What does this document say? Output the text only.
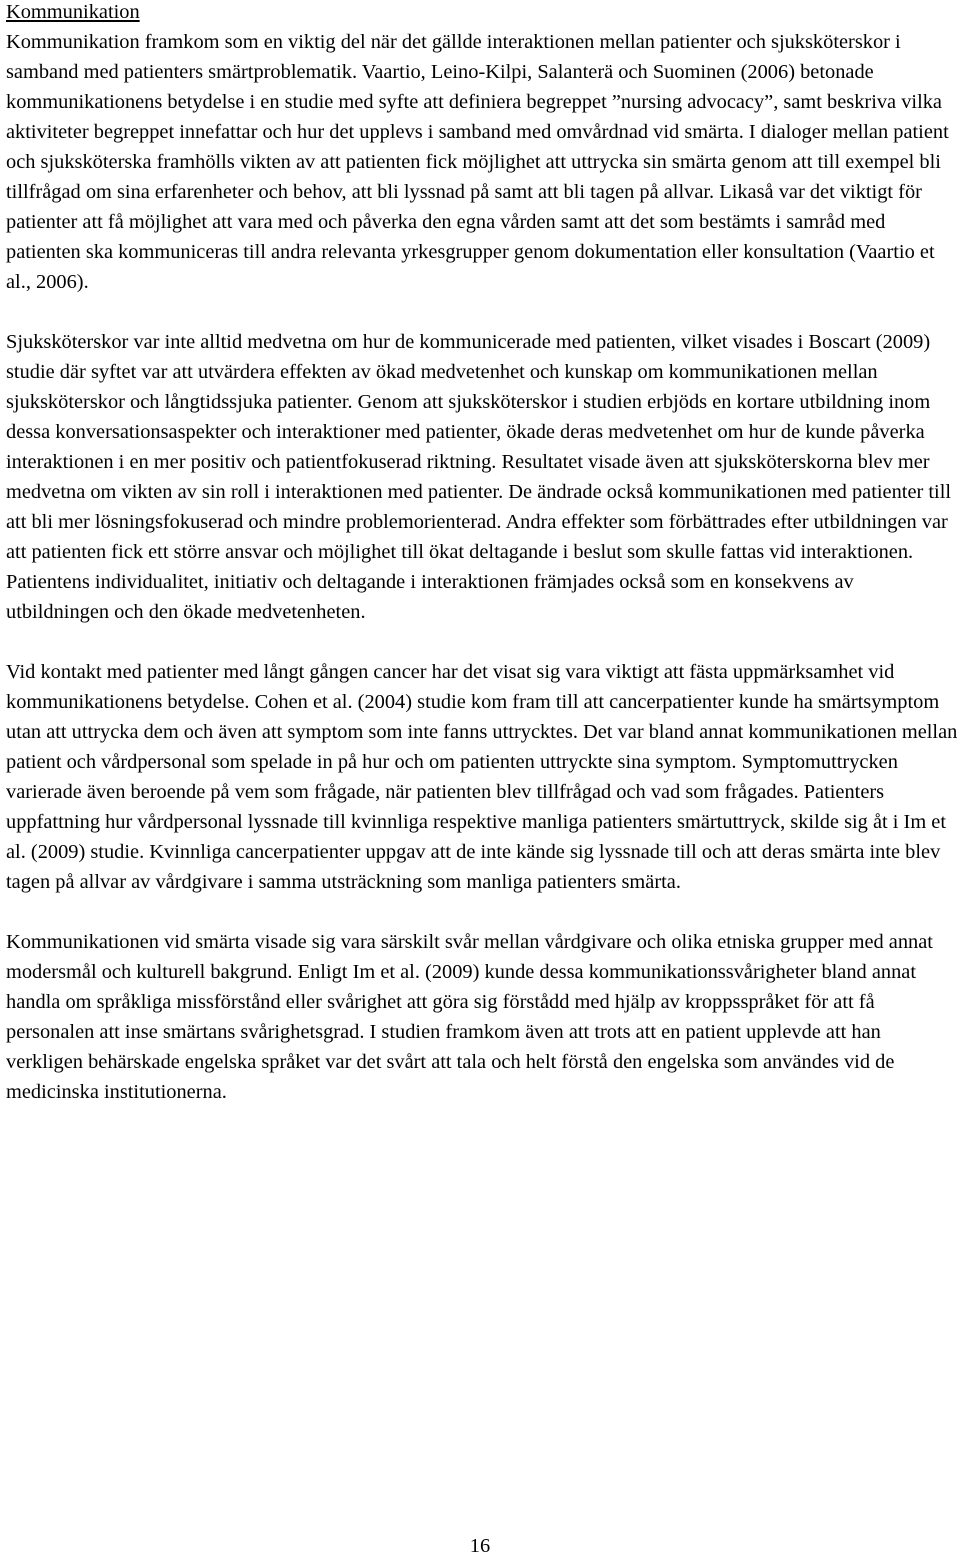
Kommunikation

Kommunikation framkom som en viktig del när det gällde interaktionen mellan patienter och sjuksköterskor i samband med patienters smärtproblematik. Vaartio, Leino-Kilpi, Salanterä och Suominen (2006) betonade kommunikationens betydelse i en studie med syfte att definiera begreppet ”nursing advocacy”, samt beskriva vilka aktiviteter begreppet innefattar och hur det upplevs i samband med omvårdnad vid smärta. I dialoger mellan patient och sjuksköterska framhölls vikten av att patienten fick möjlighet att uttrycka sin smärta genom att till exempel bli tillfrågad om sina erfarenheter och behov, att bli lyssnad på samt att bli tagen på allvar. Likaså var det viktigt för patienter att få möjlighet att vara med och påverka den egna vården samt att det som bestämts i samråd med patienten ska kommuniceras till andra relevanta yrkesgrupper genom dokumentation eller konsultation (Vaartio et al., 2006).

Sjuksköterskor var inte alltid medvetna om hur de kommunicerade med patienten, vilket visades i Boscart (2009) studie där syftet var att utvärdera effekten av ökad medvetenhet och kunskap om kommunikationen mellan sjuksköterskor och långtidssjuka patienter. Genom att sjuksköterskor i studien erbjöds en kortare utbildning inom dessa konversationsaspekter och interaktioner med patienter, ökade deras medvetenhet om hur de kunde påverka interaktionen i en mer positiv och patientfokuserad riktning. Resultatet visade även att sjuksköterskorna blev mer medvetna om vikten av sin roll i interaktionen med patienter. De ändrade också kommunikationen med patienter till att bli mer lösningsfokuserad och mindre problemorienterad. Andra effekter som förbättrades efter utbildningen var att patienten fick ett större ansvar och möjlighet till ökat deltagande i beslut som skulle fattas vid interaktionen. Patientens individualitet, initiativ och deltagande i interaktionen främjades också som en konsekvens av utbildningen och den ökade medvetenheten.

Vid kontakt med patienter med långt gången cancer har det visat sig vara viktigt att fästa uppmärksamhet vid kommunikationens betydelse. Cohen et al. (2004) studie kom fram till att cancerpatienter kunde ha smärtsymptom utan att uttrycka dem och även att symptom som inte fanns uttrycktes. Det var bland annat kommunikationen mellan patient och vårdpersonal som spelade in på hur och om patienten uttryckte sina symptom. Symptomuttrycken varierade även beroende på vem som frågade, när patienten blev tillfrågad och vad som frågades. Patienters uppfattning hur vårdpersonal lyssnade till kvinnliga respektive manliga patienters smärtuttryck, skilde sig åt i Im et al. (2009) studie. Kvinnliga cancerpatienter uppgav att de inte kände sig lyssnade till och att deras smärta inte blev tagen på allvar av vårdgivare i samma utsträckning som manliga patienters smärta.

Kommunikationen vid smärta visade sig vara särskilt svår mellan vårdgivare och olika etniska grupper med annat modersmål och kulturell bakgrund. Enligt Im et al. (2009) kunde dessa kommunikationssvårigheter bland annat handla om språkliga missförstånd eller svårighet att göra sig förstådd med hjälp av kroppsspråket för att få personalen att inse smärtans svårighetsgrad. I studien framkom även att trots att en patient upplevde att han verkligen behärskade engelska språket var det svårt att tala och helt förstå den engelska som användes vid de medicinska institutionerna.

16
